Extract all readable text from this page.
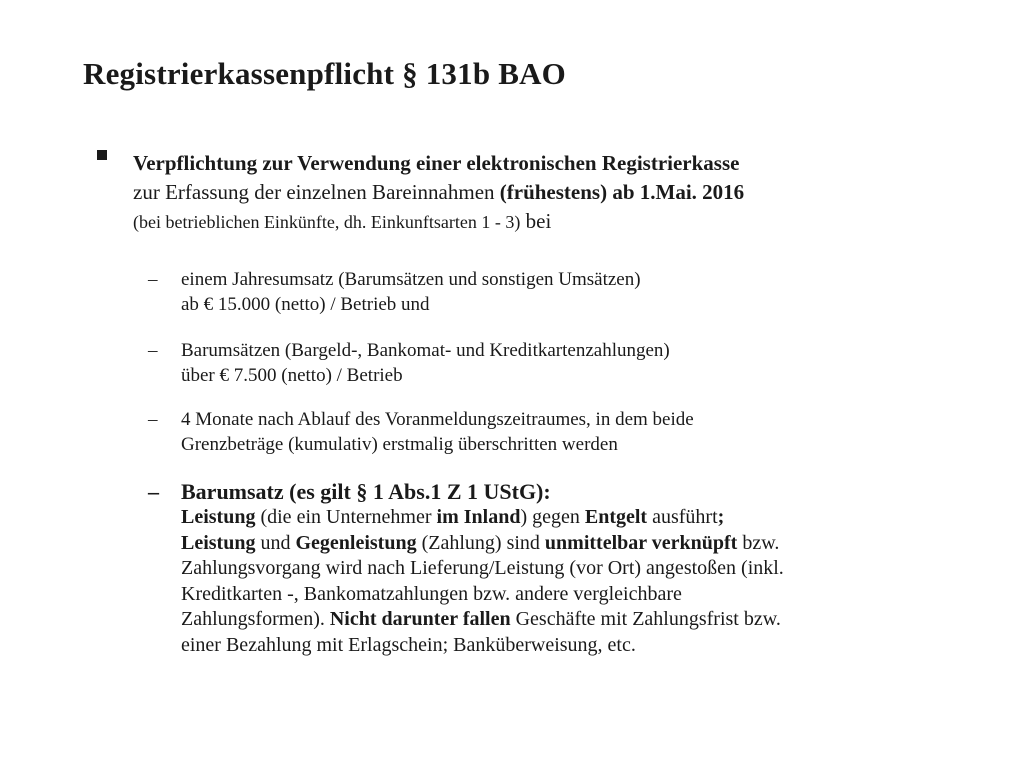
Registrierkassenpflicht § 131b BAO
Verpflichtung zur Verwendung einer elektronischen Registrierkasse
zur Erfassung der einzelnen Bareinnahmen (frühestens) ab 1.Mai. 2016
(bei betrieblichen Einkünfte, dh. Einkunftsarten 1 - 3) bei
– einem Jahresumsatz (Barumsätzen und sonstigen Umsätzen)
ab € 15.000 (netto) / Betrieb und
– Barumsätzen (Bargeld-, Bankomat- und Kreditkartenzahlungen)
über € 7.500 (netto) / Betrieb
– 4 Monate nach Ablauf des Voranmeldungszeitraumes, in dem beide
Grenzbeträge (kumulativ) erstmalig überschritten werden
– Barumsatz (es gilt § 1 Abs.1 Z 1 UStG):
Leistung (die ein Unternehmer im Inland) gegen Entgelt ausführt;
Leistung und Gegenleistung (Zahlung) sind unmittelbar verknüpft bzw.
Zahlungsvorgang wird nach Lieferung/Leistung (vor Ort) angestoßen (inkl.
Kreditkarten -, Bankomatzahlungen bzw. andere vergleichbare
Zahlungsformen). Nicht darunter fallen Geschäfte mit Zahlungsfrist bzw.
einer Bezahlung mit Erlagschein; Banküberweisung, etc.
